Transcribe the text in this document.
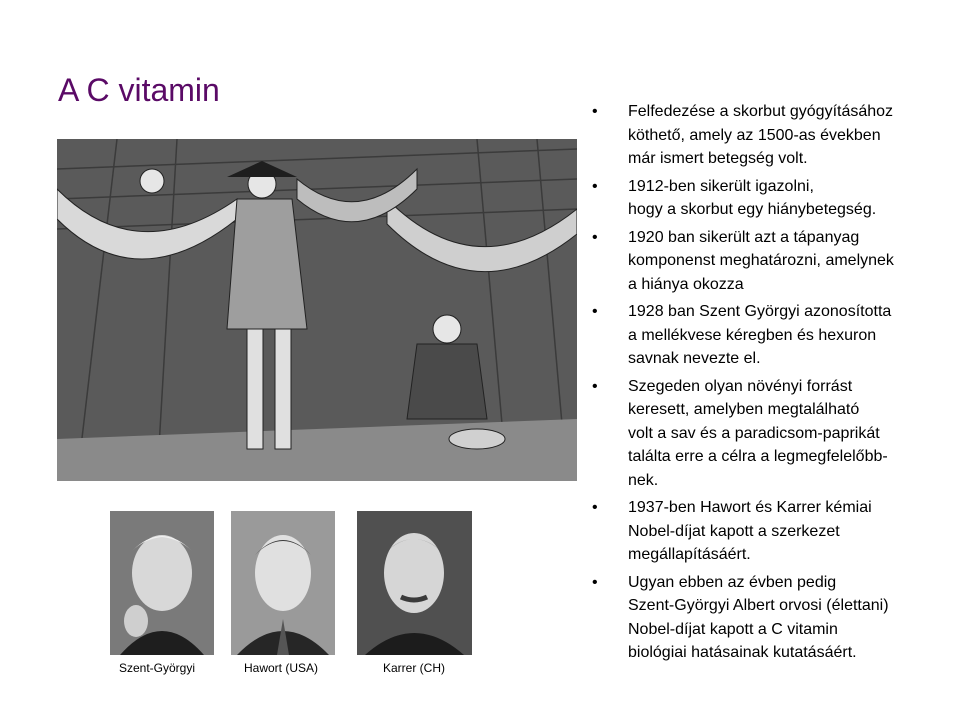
A C vitamin
Szent-Györgyi	Hawort (USA)	Karrer (CH)
• Felfedezése a skorbut gyógyításához
köthető, amely az 1500-as években
már ismert betegség volt.
• 1912-ben sikerült igazolni,
hogy a skorbut egy hiánybetegség.
• 1920 ban sikerült azt a tápanyag
komponenst meghatározni, amelynek
a hiánya okozza
• 1928 ban Szent Györgyi azonosította
a mellékvese kéregben és hexuron
savnak nevezte el.
• Szegeden olyan növényi forrást
keresett, amelyben megtalálható
volt a sav és a paradicsom-paprikát
találta erre a célra a legmegfelelőbb-
nek.
• 1937-ben Hawort és Karrer kémiai
Nobel-díjat kapott a szerkezet
megállapításáért.
• Ugyan ebben az évben pedig
Szent-Györgyi Albert orvosi (élettani)
Nobel-díjat kapott a C vitamin
biológiai hatásainak kutatásáért.
